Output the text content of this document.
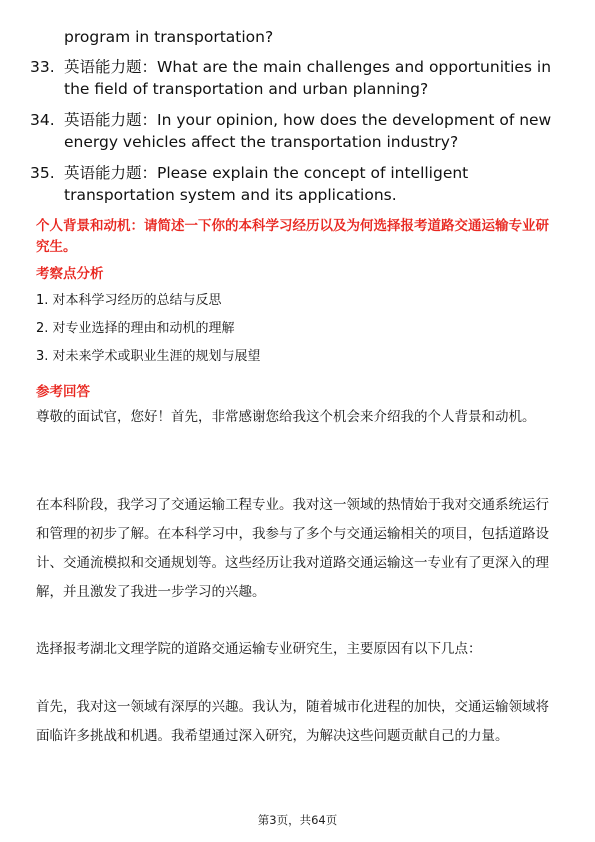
program in transportation?
33. 英语能力题：What are the main challenges and opportunities in the field of transportation and urban planning?
34. 英语能力题：In your opinion, how does the development of new energy vehicles affect the transportation industry?
35. 英语能力题：Please explain the concept of intelligent transportation system and its applications.
个人背景和动机：请简述一下你的本科学习经历以及为何选择报考道路交通运输专业研究生。
考察点分析
1. 对本科学习经历的总结与反思
2. 对专业选择的理由和动机的理解
3. 对未来学术或职业生涯的规划与展望
参考回答
尊敬的面试官，您好！首先，非常感谢您给我这个机会来介绍我的个人背景和动机。
在本科阶段，我学习了交通运输工程专业。我对这一领域的热情始于我对交通系统运行和管理的初步了解。在本科学习中，我参与了多个与交通运输相关的项目，包括道路设计、交通流模拟和交通规划等。这些经历让我对道路交通运输这一专业有了更深入的理解，并且激发了我进一步学习的兴趣。
选择报考湖北文理学院的道路交通运输专业研究生，主要原因有以下几点：
首先，我对这一领域有深厚的兴趣。我认为，随着城市化进程的加快，交通运输领域将面临许多挑战和机遇。我希望通过深入研究，为解决这些问题贡献自己的力量。
第3页，共64页
